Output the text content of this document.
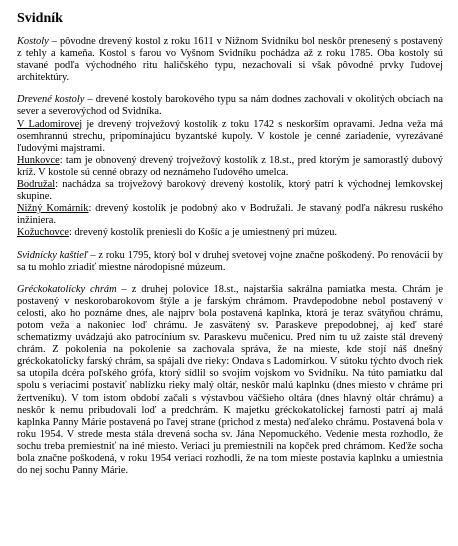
Svidník

Kostoly – pôvodne drevený kostol z roku 1611 v Nižnom Svidníku bol neskôr prenesený s postavený z tehly a kameňa. Kostol s farou vo Vyšnom Svidníku pochádza až z roku 1785. Oba kostoly sú stavané podľa východného ritu haličského typu, nezachovali si však pôvodné prvky ľudovej architektúry.

Drevené kostoly – drevené kostoly barokového typu sa nám dodnes zachovali v okolitých obciach na sever a severovýchod od Svidníka.

V Ladomirovej je drevený trojvežový kostolík z toku 1742 s neskorším opravami. Jedna veža má osemhrannú strechu, pripomínajúcu byzantské kupoly. V kostole je cenné zariadenie, vyrezávané ľudovými majstrami.

Hunkovce: tam je obnovený drevený trojvežový kostolík z 18.st., pred ktorým je samorastlý dubový kríž. V kostole sú cenné obrazy od neznámeho ľudového umelca.

Bodružal: nachádza sa trojvežový barokový drevený kostolík, ktorý patrí k východnej lemkovskej skupine.

Nižný Komárnik: drevený kostolík je podobný ako v Bodružali. Je stavaný podľa nákresu ruského inžiniera.

Kožuchovce: drevený kostolík preniesli do Košíc a je umiestnený pri múzeu.

Svidnícky kaštieľ – z roku 1795, ktorý bol v druhej svetovej vojne značne poškodený. Po renovácii by sa tu mohlo zriadiť miestne národopisné múzeum.

Gréckokatolícky chrám – z druhej polovice 18.st., najstaršia sakrálna pamiatka mesta. Chrám je postavený v neskorobarokovom štýle a je farským chrámom. Pravdepodobne nebol postavený v celosti, ako ho poznáme dnes, ale najprv bola postavená kaplnka, ktorá je teraz svätyňou chrámu, potom veža a nakoniec loď chrámu. Je zasvätený sv. Paraskeve prepodobnej, aj keď staré schematizmy uvádzajú ako patrocínium sv. Paraskevu mučenicu. Pred ním tu už zaiste stál drevený chrám. Z pokolenia na pokolenie sa zachovala správa, že na mieste, kde stojí náš dnešný gréckokatolícky farský chrám, sa spájali dve rieky: Ondava s Ladomírkou. V sútoku týchto dvoch riek sa utopila dcéra poľského grófa, ktorý sídlil so svojím vojskom vo Svidníku. Na túto pamiatku dal spolu s veriacimi postaviť nablízku rieky malý oltár, neskôr malú kaplnku (dnes miesto v chráme pri žertveníku). V tom istom období začali s výstavbou väčšieho oltára (dnes hlavný oltár chrámu) a neskôr k nemu pribudovali loď a predchrám. K majetku gréckokatolíckej farnosti patrí aj malá kaplnka Panny Márie postavená po ľavej strane (prichod z mesta) neďaleko chrámu. Postavená bola v roku 1954. V strede mesta stála drevená socha sv. Jána Nepomuckého. Vedenie mesta rozhodlo, že sochu treba premiestniť na iné miesto. Veriaci ju premiestnili na kopček pred chrámom. Keďže socha bola značne poškodená, v roku 1954 veriaci rozhodli, že na tom mieste postavia kaplnku a umiestnia do nej sochu Panny Márie.
